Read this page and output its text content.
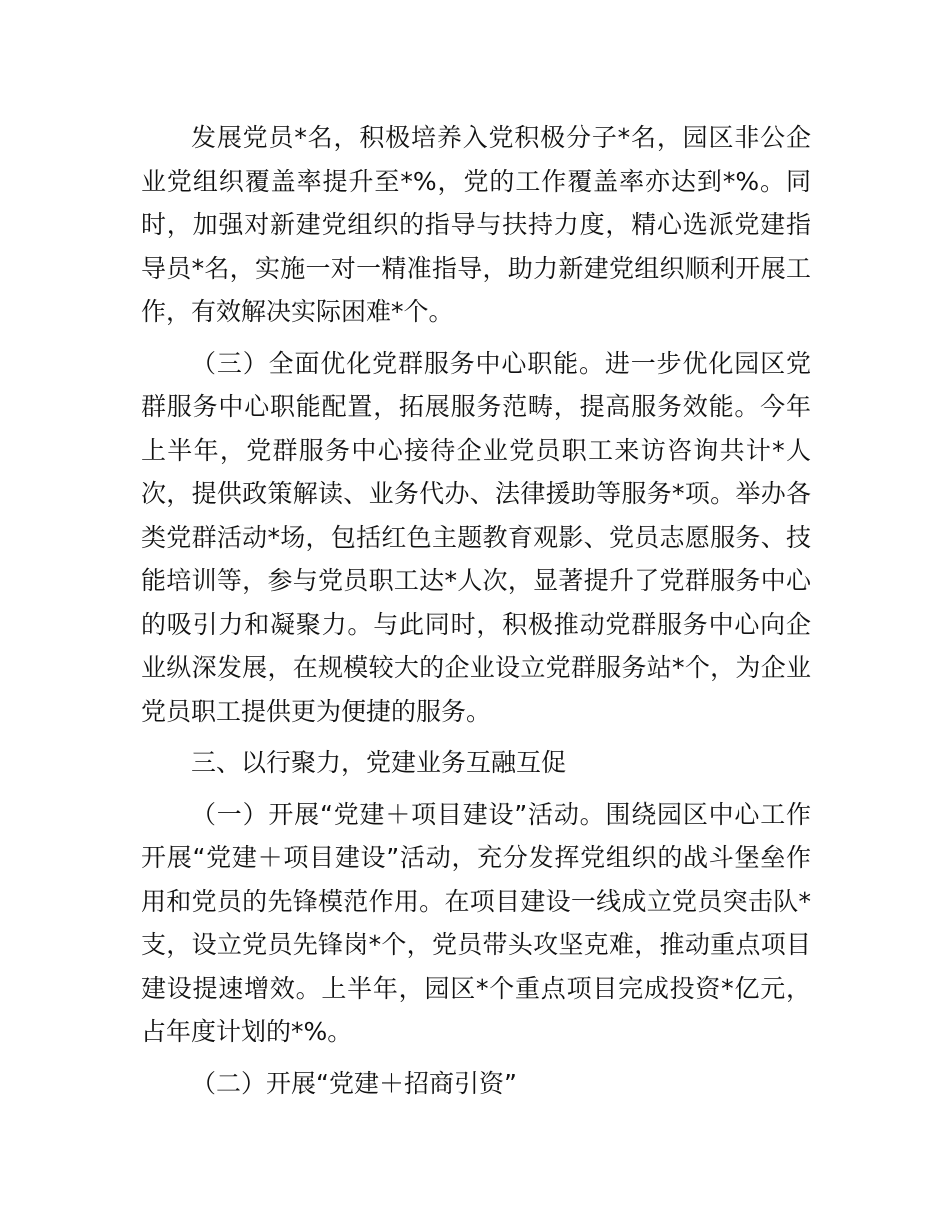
发展党员*名，积极培养入党积极分子*名，园区非公企业党组织覆盖率提升至*%，党的工作覆盖率亦达到*%。同时，加强对新建党组织的指导与扶持力度，精心选派党建指导员*名，实施一对一精准指导，助力新建党组织顺利开展工作，有效解决实际困难*个。

（三）全面优化党群服务中心职能。进一步优化园区党群服务中心职能配置，拓展服务范畴，提高服务效能。今年上半年，党群服务中心接待企业党员职工来访咨询共计*人次，提供政策解读、业务代办、法律援助等服务*项。举办各类党群活动*场，包括红色主题教育观影、党员志愿服务、技能培训等，参与党员职工达*人次，显著提升了党群服务中心的吸引力和凝聚力。与此同时，积极推动党群服务中心向企业纵深发展，在规模较大的企业设立党群服务站*个，为企业党员职工提供更为便捷的服务。

三、以行聚力，党建业务互融互促

（一）开展“党建＋项目建设”活动。围绕园区中心工作开展“党建＋项目建设”活动，充分发挥党组织的战斗堡垒作用和党员的先锋模范作用。在项目建设一线成立党员突击队*支，设立党员先锋岗*个，党员带头攻坚克难，推动重点项目建设提速增效。上半年，园区*个重点项目完成投资*亿元，占年度计划的*%。

（二）开展“党建＋招商引资”
